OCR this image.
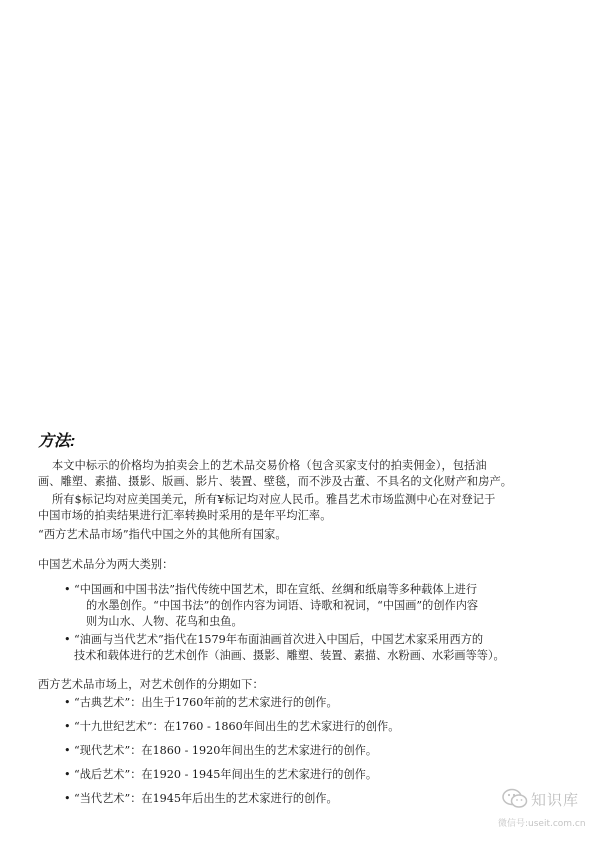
方法:
本文中标示的价格均为拍卖会上的艺术品交易价格（包含买家支付的拍卖佣金），包括油
画、雕塑、素描、摄影、版画、影片、装置、壁毯，而不涉及古董、不具名的文化财产和房产。
所有$标记均对应美国美元，所有¥标记均对应人民币。雅昌艺术市场监测中心在对登记于
中国市场的拍卖结果进行汇率转换时采用的是年平均汇率。
“西方艺术品市场”指代中国之外的其他所有国家。
中国艺术品分为两大类别：
• “中国画和中国书法”指代传统中国艺术，即在宣纸、丝绸和纸扇等多种载体上进行
的水墨创作。“中国书法”的创作内容为词语、诗歌和祝词，“中国画”的创作内容
则为山水、人物、花鸟和虫鱼。
• “油画与当代艺术”指代在1579年布面油画首次进入中国后，中国艺术家采用西方的
技术和载体进行的艺术创作（油画、摄影、雕塑、装置、素描、水粉画、水彩画等等）。
西方艺术品市场上，对艺术创作的分期如下：
• “古典艺术”：出生于1760年前的艺术家进行的创作。
• “十九世纪艺术”：在1760 - 1860年间出生的艺术家进行的创作。
• “现代艺术”：在1860 - 1920年间出生的艺术家进行的创作。
• “战后艺术”：在1920 - 1945年间出生的艺术家进行的创作。
• “当代艺术”：在1945年后出生的艺术家进行的创作。	知识库
微信号:useit.com.cn
